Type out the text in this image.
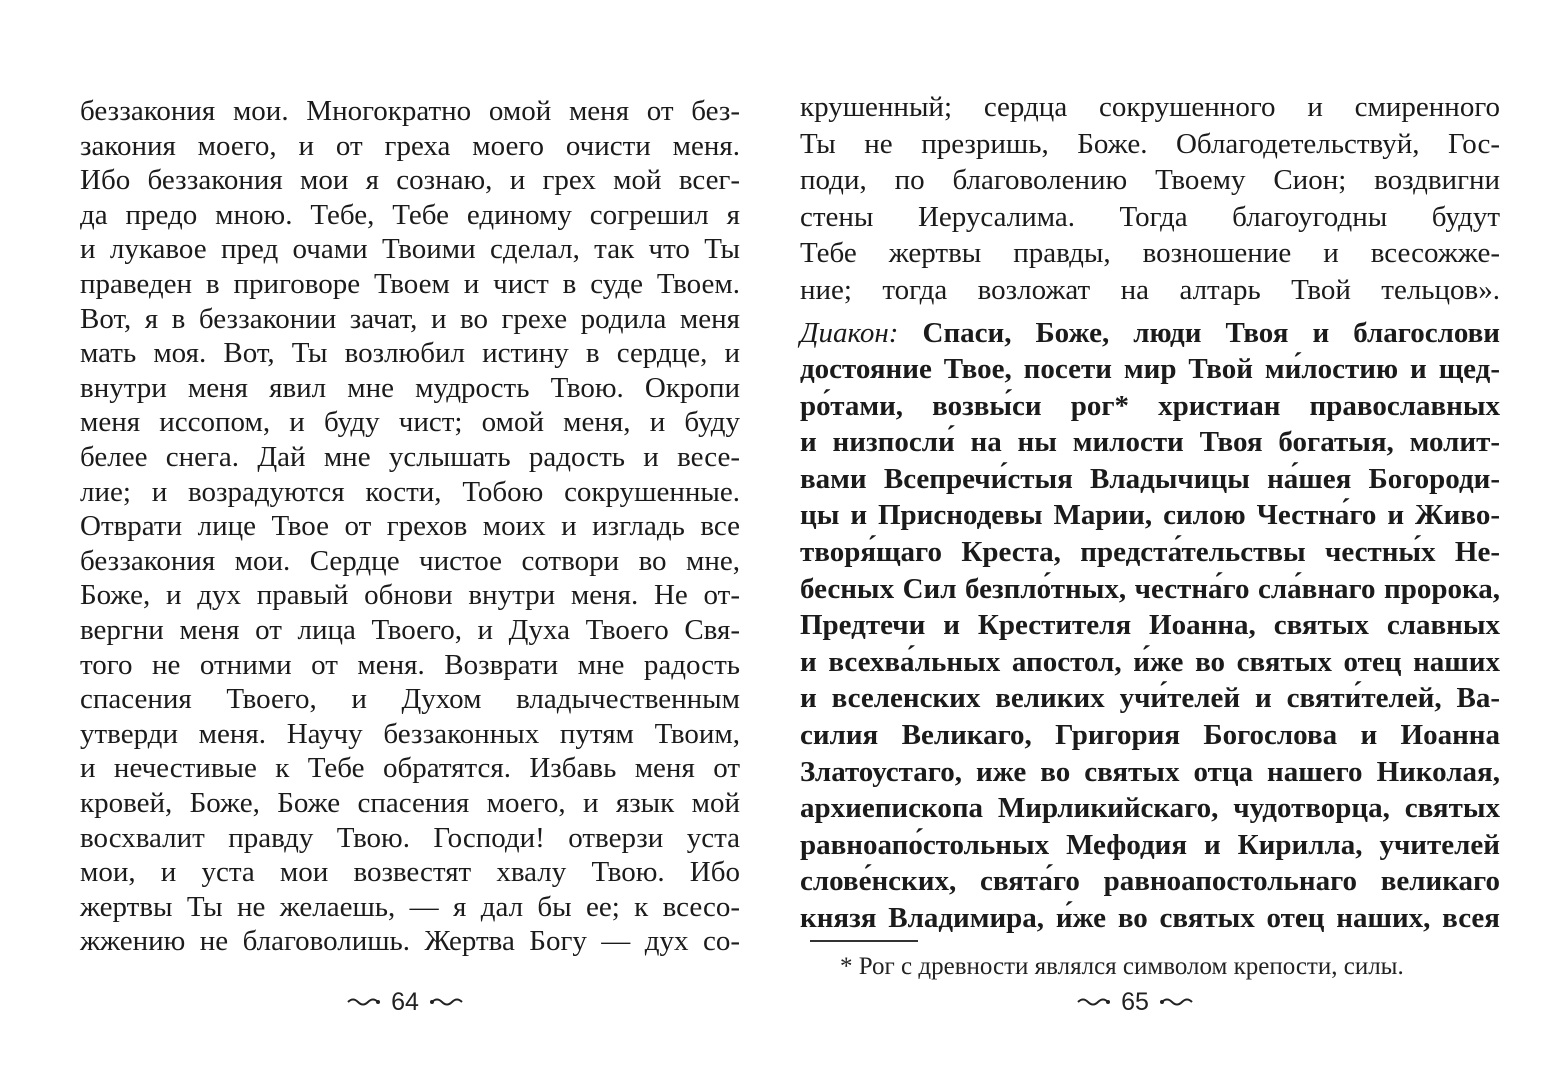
беззакония мои. Многократно омой меня от без-
закония моего, и от греха моего очисти меня.
Ибо беззакония мои я сознаю, и грех мой всег-
да предо мною. Тебе, Тебе единому согрешил я
и лукавое пред очами Твоими сделал, так что Ты
праведен в приговоре Твоем и чист в суде Твоем.
Вот, я в беззаконии зачат, и во грехе родила меня
мать моя. Вот, Ты возлюбил истину в сердце, и
внутри меня явил мне мудрость Твою. Окропи
меня иссопом, и буду чист; омой меня, и буду
белее снега. Дай мне услышать радость и весе-
лие; и возрадуются кости, Тобою сокрушенные.
Отврати лице Твое от грехов моих и изгладь все
беззакония мои. Сердце чистое сотвори во мне,
Боже, и дух правый обнови внутри меня. Не от-
вергни меня от лица Твоего, и Духа Твоего Свя-
того не отними от меня. Возврати мне радость
спасения Твоего, и Духом владычественным
утверди меня. Научу беззаконных путям Твоим,
и нечестивые к Тебе обратятся. Избавь меня от
кровей, Боже, Боже спасения моего, и язык мой
восхвалит правду Твою. Господи! отверзи уста
мои, и уста мои возвестят хвалу Твою. Ибо
жертвы Ты не желаешь, — я дал бы ее; к всесо-
жжению не благоволишь. Жертва Богу — дух со-
64
крушенный; сердца сокрушенного и смиренного
Ты не презришь, Боже. Облагодетельствуй, Гос-
поди, по благоволению Твоему Сион; воздвигни
стены Иерусалима. Тогда благоугодны будут
Тебе жертвы правды, возношение и всесожже-
ние; тогда возложат на алтарь Твой тельцов».
Диакон: Спаси, Боже, люди Твоя и благослови
достояние Твое, посети мир Твой ми́лостию и щед-
ро́тами, возвы́си рог* христиан православных
и низпосли́ на ны милости Твоя богатыя, молит-
вами Всепречи́стыя Владычицы на́шея Богороди-
цы и Приснодевы Марии, силою Честна́го и Живо-
творя́щаго Креста, предста́тельствы честны́х Не-
бесных Сил безпло́тных, честна́го сла́внаго пророка,
Предтечи и Крестителя Иоанна, святых славных
и всехва́льных апостол, и́же во святых отец наших
и вселенских великих учи́телей и святи́телей, Ва-
силия Великаго, Григория Богослова и Иоанна
Златоустаго, иже во святых отца нашего Николая,
архиепископа Мирликийскаго, чудотворца, святых
равноапо́стольных Мефодия и Кирилла, учителей
слове́нских, свята́го равноапостольнаго великаго
князя Владимира, и́же во святых отец наших, всея
* Рог с древности являлся символом крепости, силы.
65
